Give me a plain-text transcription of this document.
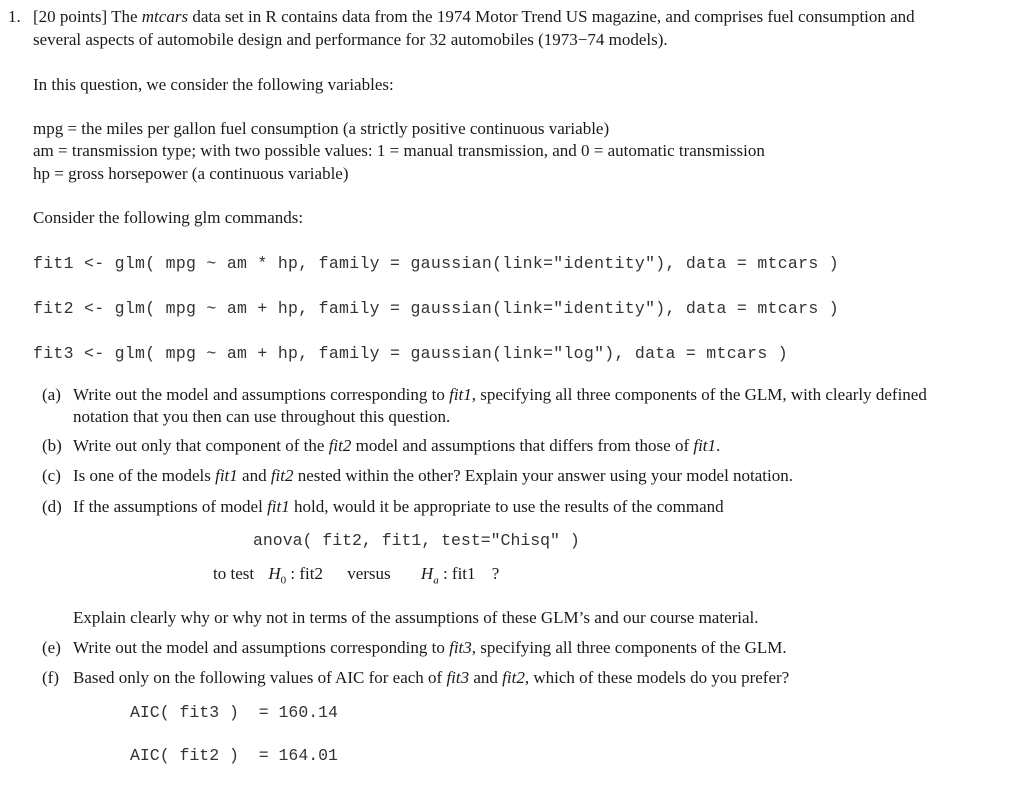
1. [20 points] The mtcars data set in R contains data from the 1974 Motor Trend US magazine, and comprises fuel consumption and
several aspects of automobile design and performance for 32 automobiles (1973−74 models).
In this question, we consider the following variables:
mpg = the miles per gallon fuel consumption (a strictly positive continuous variable)
am = transmission type; with two possible values: 1 = manual transmission, and 0 = automatic transmission
hp = gross horsepower (a continuous variable)
Consider the following glm commands:
fit1 <- glm( mpg ~ am * hp, family = gaussian(link="identity"), data = mtcars )
fit2 <- glm( mpg ~ am + hp, family = gaussian(link="identity"), data = mtcars )
fit3 <- glm( mpg ~ am + hp, family = gaussian(link="log"), data = mtcars )
(a) Write out the model and assumptions corresponding to fit1, specifying all three components of the GLM, with clearly defined
notation that you then can use throughout this question.
(b) Write out only that component of the fit2 model and assumptions that differs from those of fit1.
(c) Is one of the models fit1 and fit2 nested within the other? Explain your answer using your model notation.
(d) If the assumptions of model fit1 hold, would it be appropriate to use the results of the command
anova( fit2, fit1, test="Chisq" )
to test $H_0$ : fit2 versus $H_a$ : fit1 ?
Explain clearly why or why not in terms of the assumptions of these GLM’s and our course material.
(e) Write out the model and assumptions corresponding to fit3, specifying all three components of the GLM.
(f) Based only on the following values of AIC for each of fit3 and fit2, which of these models do you prefer?
AIC( fit3 )  = 160.14
AIC( fit2 )  = 164.01
